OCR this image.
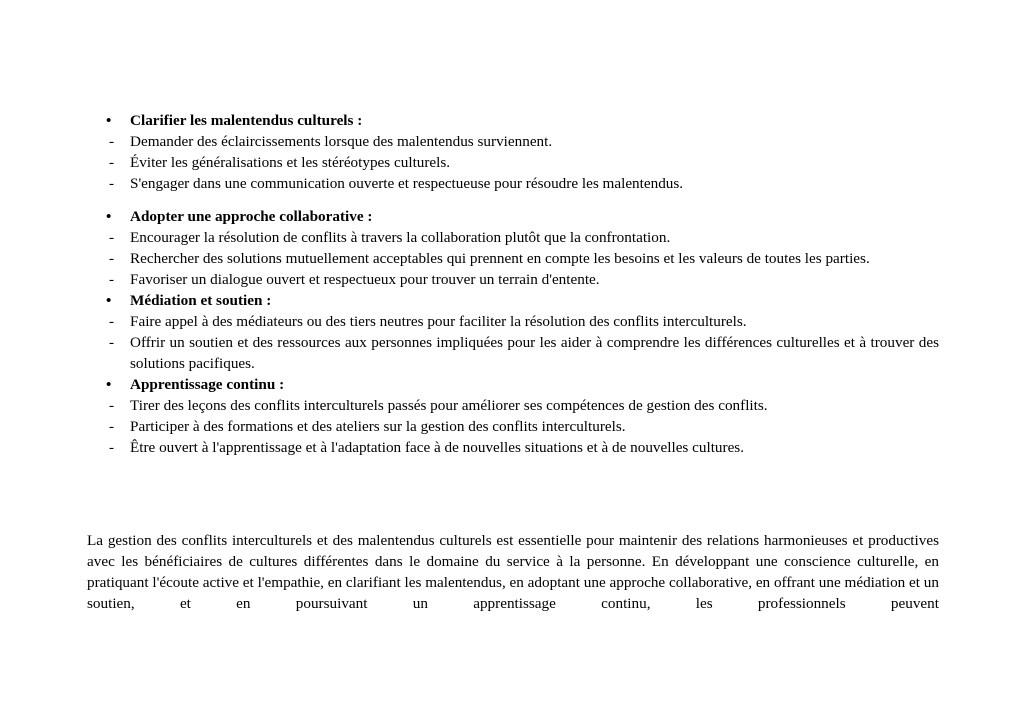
• Clarifier les malentendus culturels :

- Demander des éclaircissements lorsque des malentendus surviennent.

- Éviter les généralisations et les stéréotypes culturels.

- S'engager dans une communication ouverte et respectueuse pour résoudre les malentendus.

• Adopter une approche collaborative :

- Encourager la résolution de conflits à travers la collaboration plutôt que la confrontation.

- Rechercher des solutions mutuellement acceptables qui prennent en compte les besoins et les valeurs de toutes les parties.

- Favoriser un dialogue ouvert et respectueux pour trouver un terrain d'entente.

• Médiation et soutien :

- Faire appel à des médiateurs ou des tiers neutres pour faciliter la résolution des conflits interculturels.

- Offrir un soutien et des ressources aux personnes impliquées pour les aider à comprendre les différences culturelles et à trouver des solutions pacifiques.

• Apprentissage continu :

- Tirer des leçons des conflits interculturels passés pour améliorer ses compétences de gestion des conflits.

- Participer à des formations et des ateliers sur la gestion des conflits interculturels.

- Être ouvert à l'apprentissage et à l'adaptation face à de nouvelles situations et à de nouvelles cultures.

La gestion des conflits interculturels et des malentendus culturels est essentielle pour maintenir des relations harmonieuses et productives avec les bénéficiaires de cultures différentes dans le domaine du service à la personne. En développant une conscience culturelle, en pratiquant l'écoute active et l'empathie, en clarifiant les malentendus, en adoptant une approche collaborative, en offrant une médiation et un soutien, et en poursuivant un apprentissage continu, les professionnels peuvent
